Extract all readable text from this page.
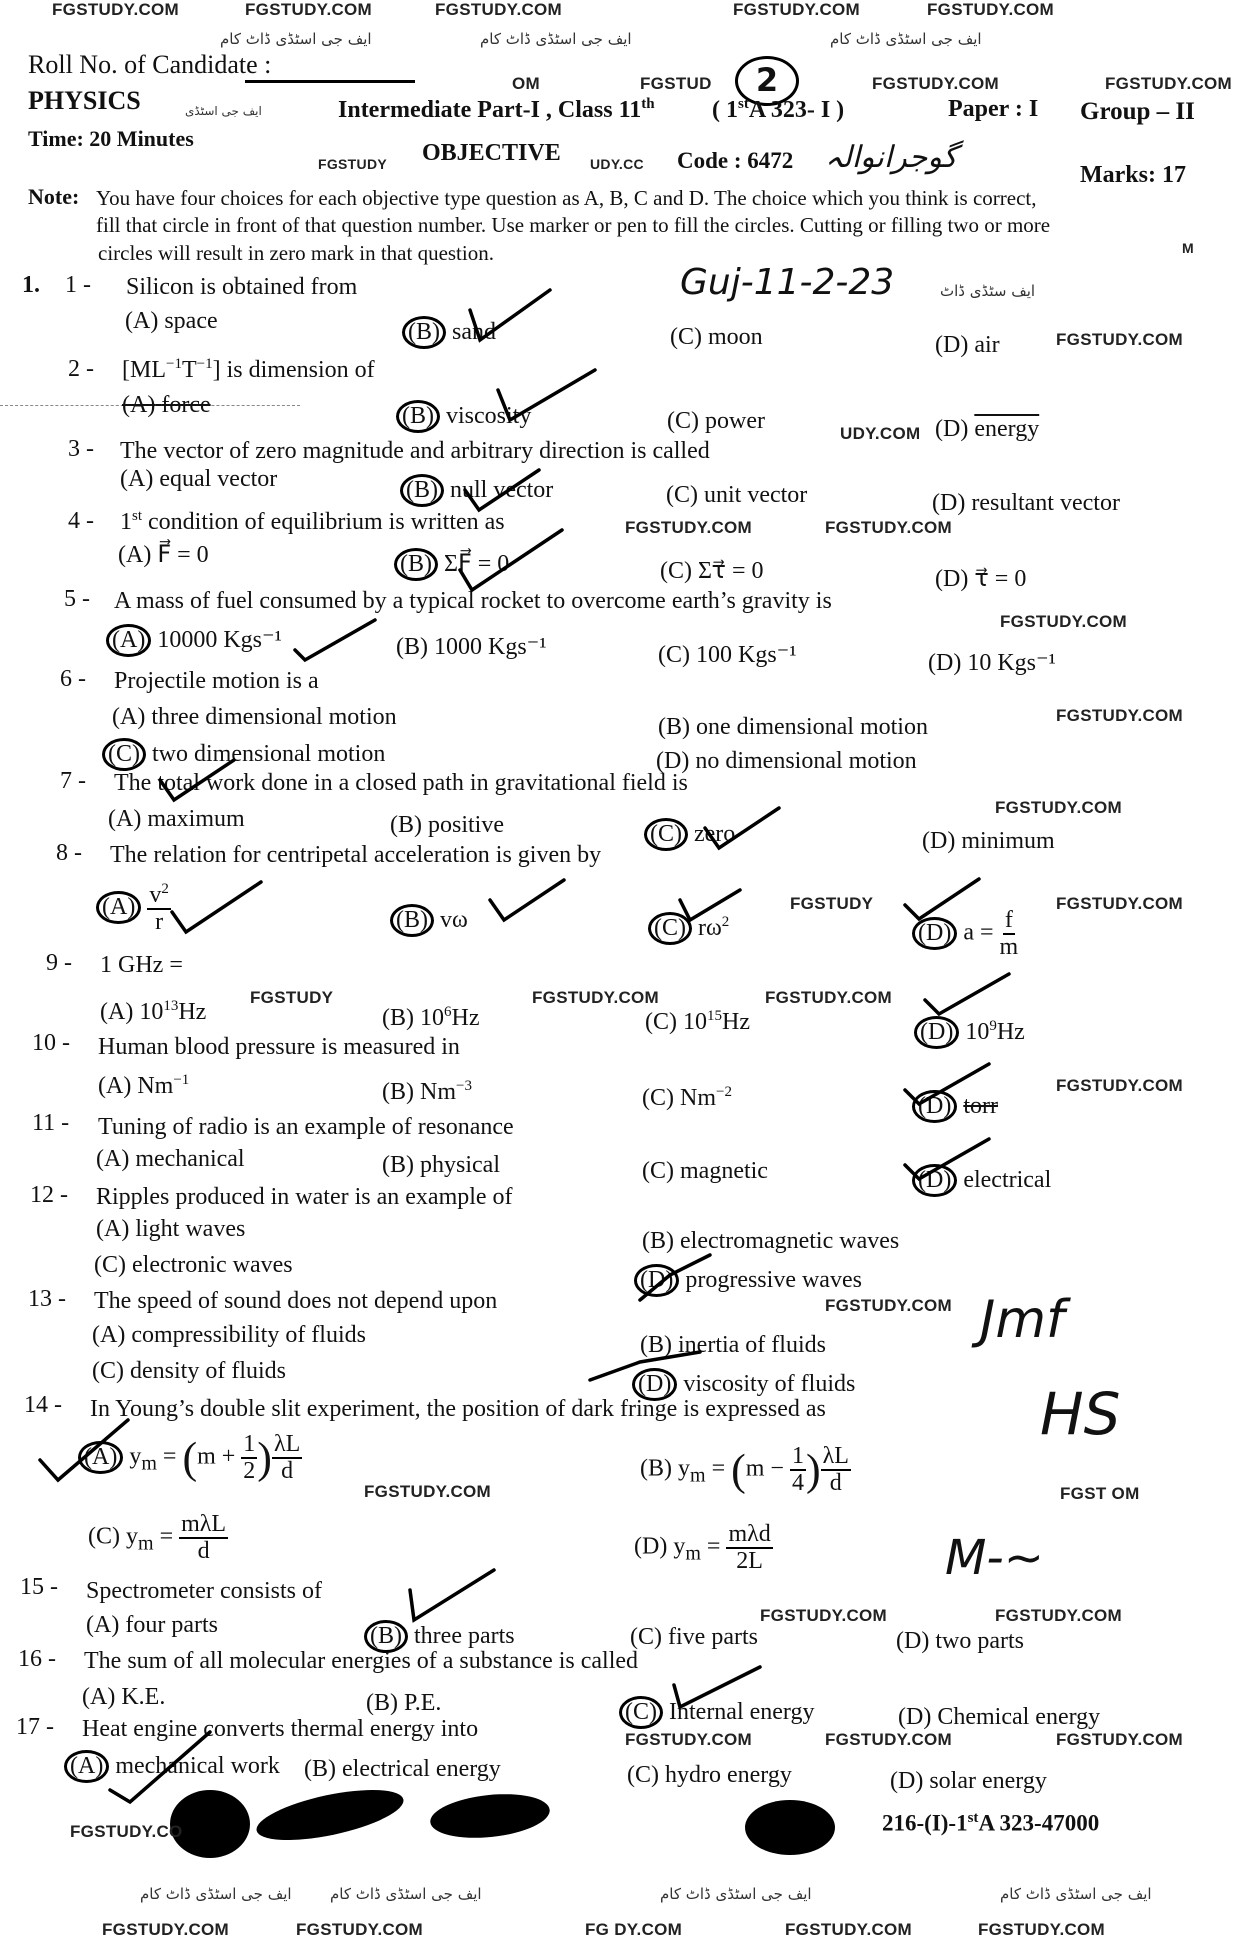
FGSTUDY.COM	FGSTUDY.COM	FGSTUDY.COM	FGSTUDY.COM	FGSTUDY.COM
ایف جی اسٹڈی ڈاٹ کام	ایف جی اسٹڈی ڈاٹ کام	ایف جی اسٹڈی ڈاٹ کام
Roll No. of Candidate :
OM	FGSTUD	2	FGSTUDY.COM	FGSTUDY.COM
PHYSICS	ایف جی اسٹڈی	Intermediate Part-I , Class 11th ( 1stA 323- I )	Paper : I Group – II
Time: 20 Minutes
FGSTUDY OBJECTIVE UDY.CC Code : 6472 گوجرانوالہ	Marks: 17
Note: You have four choices for each objective type question as A, B, C and D. The choice which you think is correct,
fill that circle in front of that question number. Use marker or pen to fill the circles. Cutting or filling two or more
M
circles will result in zero mark in that question.
Guj-11-2-23	ایف سٹڈی ڈاٹ
1. 1 - Silicon is obtained from
(A) space	(B) sand	(C) moon	(D) air	FGSTUDY.COM
$2 - [ML^{-1}T^{-1}]$ is dimension of
(A) force	(B) viscosity	(C) power	UDY.COM (D) energy
3 - The vector of zero magnitude and arbitrary direction is called
(A) equal vector	(B) null vector	(C) unit vector	(D) resultant vector
4 - 1st condition of equilibrium is written as	FGSTUDY.COM	FGSTUDY.COM
(A) F⃗ = 0	(B) ΣF⃗ = 0	(C) Στ⃗ = 0	(D) τ⃗ = 0
5 - A mass of fuel consumed by a typical rocket to overcome earth’s gravity is
FGSTUDY.COM
(A) 10000 Kgs⁻¹	(B) 1000 Kgs⁻¹	(C) 100 Kgs⁻¹	(D) 10 Kgs⁻¹
6 - Projectile motion is a
(A) three dimensional motion	(B) one dimensional motion	FGSTUDY.COM
(C) two dimensional motion	(D) no dimensional motion
7 - The total work done in a closed path in gravitational field is
(A) maximum	(B) positive	(C) zero
FGSTUDY.COM
(D) minimum
8 - The relation for centripetal acceleration is given by
$(A) \frac{v^2}{r}$	(B) vω	(C) $r\omega^2$
FGSTUDY	FGSTUDY.COM
(D) $a = \frac{f}{m}$
9 - 1 GHz =
FGSTUDY	FGSTUDY.COM	FGSTUDY.COM
(A) $10^{13}Hz$	(B) $10^6Hz$	(C) $10^{15}Hz$	(D) $10^9Hz$
10 - Human blood pressure is measured in
(A) $Nm^{-1}$	(B) $Nm^{-3}$	(C) $Nm^{-2}$	FGSTUDY.COM
(D) torr
11 - Tuning of radio is an example of resonance
(A) mechanical	(B) physical	(C) magnetic	(D) electrical
12 - Ripples produced in water is an example of
(A) light waves	(B) electromagnetic waves
(C) electronic waves
(D) progressive waves
13 - The speed of sound does not depend upon	FGSTUDY.COM
(A) compressibility of fluids	(B) inertia of fluids
(C) density of fluids	(D) viscosity of fluids
Jmf
HS
M-~
14 - In Young’s double slit experiment, the position of dark fringe is expressed as
(A) $y_m = (m + \frac{1}{2}$ ) $\frac{\lambda L}{d}$
FGSTUDY.COM
(B) $y_m = (m - \frac{1}{4}$ ) $\frac{\lambda L}{d}$	FGST OM
(C) $y_m = \frac{\text{mλL}}{d}$	(D) $y_m = \frac{\text{mλd}}{2L}$
15 - Spectrometer consists of
FGSTUDY.COM	FGSTUDY.COM
(A) four parts	(B) three parts	(C) five parts	(D) two parts
16 - The sum of all molecular energies of a substance is called
(A) K.E.	(B) P.E.	(C) Internal energy	(D) Chemical energy
FGSTUDY.COM	FGSTUDY.COM	FGSTUDY.COM
17 - Heat engine converts thermal energy into
(A) mechanical work (B) electrical energy	(C) hydro energy	(D) solar energy
FGSTUDY.CO	216-(I)-1stA 323-47000
ایف جی اسٹڈی ڈاٹ کام	ایف جی اسٹڈی ڈاٹ کام	ایف جی اسٹڈی ڈاٹ کام	ایف جی اسٹڈی ڈاٹ کام
FGSTUDY.COM	FGSTUDY.COM	FG DY.COM	FGSTUDY.COM	FGSTUDY.COM
